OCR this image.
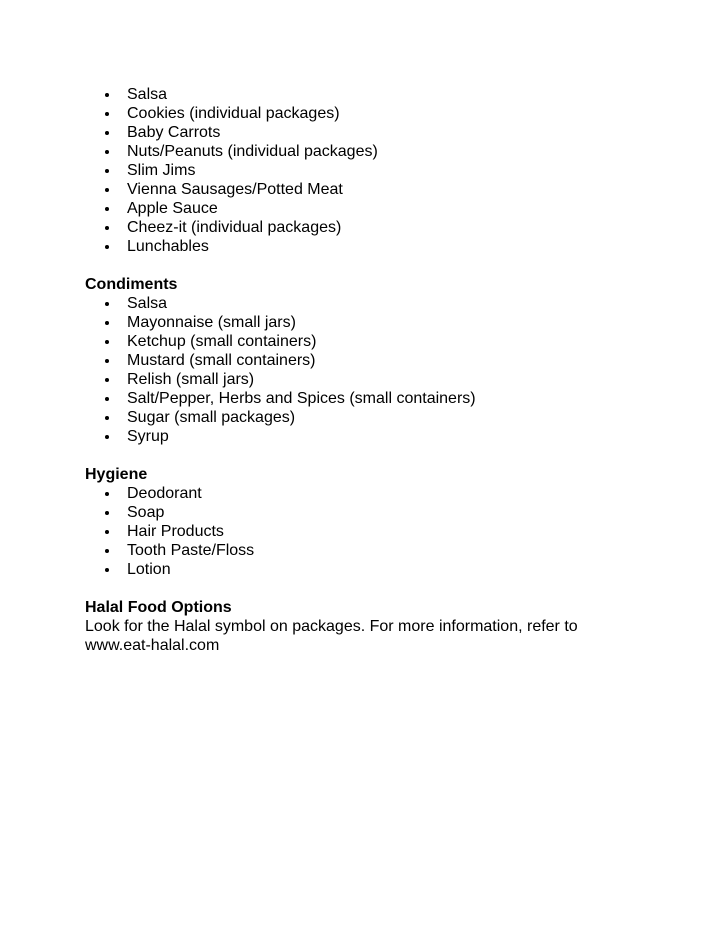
Salsa
Cookies (individual packages)
Baby Carrots
Nuts/Peanuts (individual packages)
Slim Jims
Vienna Sausages/Potted Meat
Apple Sauce
Cheez-it (individual packages)
Lunchables
Condiments
Salsa
Mayonnaise (small jars)
Ketchup (small containers)
Mustard (small containers)
Relish (small jars)
Salt/Pepper, Herbs and Spices (small containers)
Sugar (small packages)
Syrup
Hygiene
Deodorant
Soap
Hair Products
Tooth Paste/Floss
Lotion
Halal Food Options
Look for the Halal symbol on packages. For more information, refer to
www.eat-halal.com
